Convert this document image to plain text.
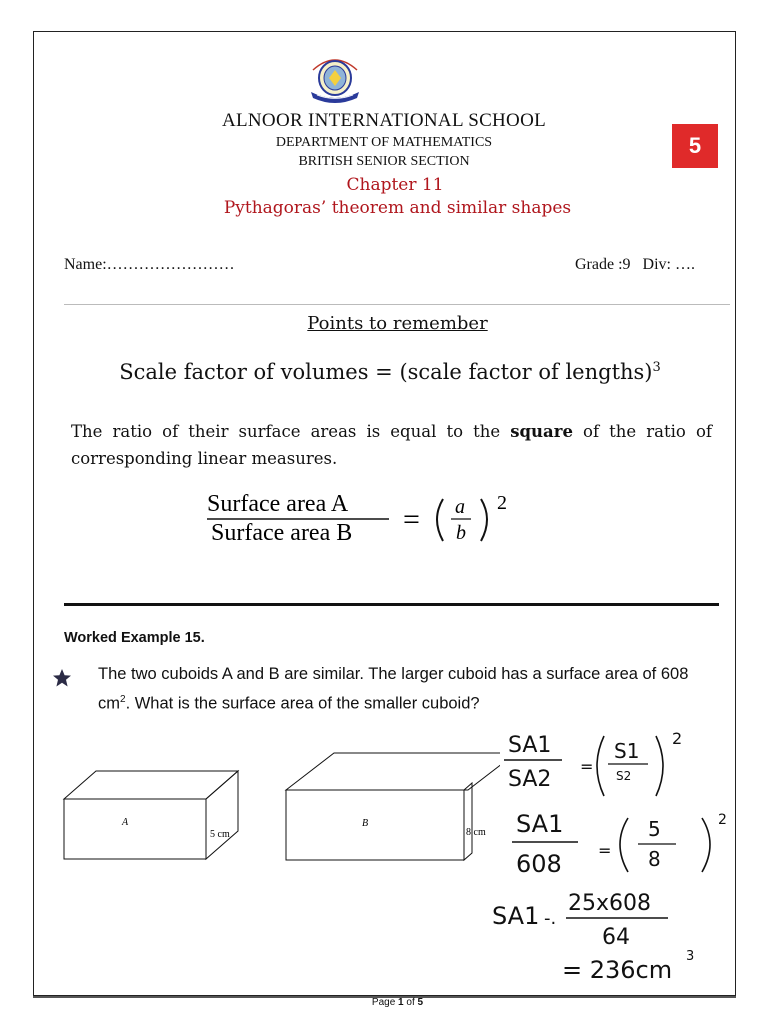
ALNOOR INTERNATIONAL SCHOOL
DEPARTMENT OF MATHEMATICS
BRITISH SENIOR SECTION
Chapter 11
Pythagoras’ theorem and similar shapes
5
Name:……………………	Grade :9 Div: ….
Points to remember
Scale factor of volumes = (scale factor of lengths)$^3$
The ratio of their surface areas is equal to the square of the ratio of corresponding linear measures.
Surface area A
Surface area B = a
b
2
Worked Example 15.
The two cuboids A and B are similar. The larger cuboid has a surface area of 608 $cm^2$. What is the surface area of the smaller cuboid?
A
5 cm
B
8 cm
SA1
SA2
=
S1
S2
2
SA1
608 =
5
8
2
SA1 -.
25x608
64
= 236cm 3
Page 1 of 5
